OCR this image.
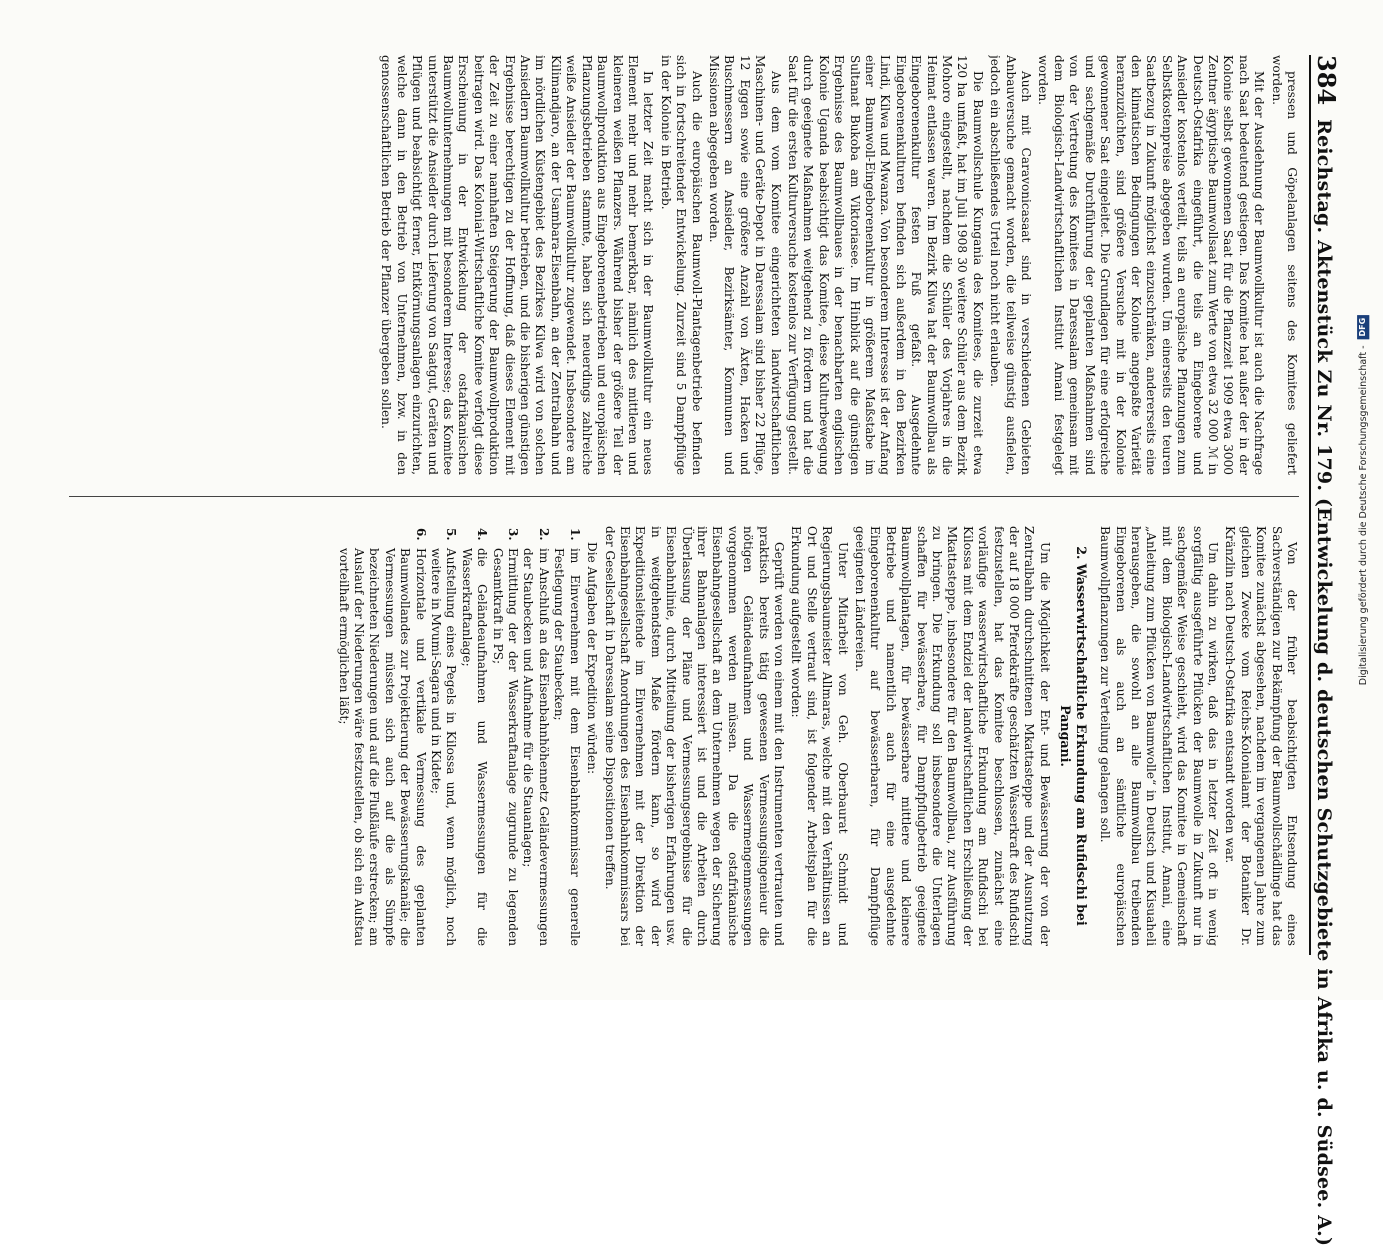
384
Reichstag. Aktenstück Zu Nr. 179. (Entwickelung d. deutschen Schutzgebiete in Afrika u. d. Südsee. A.)

pressen und Göpelanlagen seitens des Komitees geliefert worden.

Mit der Ausdehnung der Baumwollkultur ist auch die Nachfrage nach Saat bedeutend gestiegen. Das Komitee hat außer der in der Kolonie selbst gewonnenen Saat für die Pflanzzeit 1909 etwa 3000 Zentner ägyptische Baumwollsaat zum Werte von etwa 32 000 ℳ in Deutsch-Ostafrika eingeführt, die teils an Eingeborene und Ansiedler kostenlos verteilt, teils an europäische Pflanzungen zum Selbstkostenpreise abgegeben wurden. Um einerseits den teuren Saatbezug in Zukunft möglichst einzuschränken, andererseits eine den klimatischen Bedingungen der Kolonie angepaßte Varietät heranzuzüchten, sind größere Versuche mit in der Kolonie gewonnener Saat eingeleitet. Die Grundlagen für eine erfolgreiche und sachgemäße Durchführung der geplanten Maßnahmen sind von der Vertretung des Komitees in Daressalam gemeinsam mit dem Biologisch-Landwirtschaftlichen Institut Amani festgelegt worden.

Auch mit Caravonicasaat sind in verschiedenen Gebieten Anbauversuche gemacht worden, die teilweise günstig ausfielen, jedoch ein abschließendes Urteil noch nicht erlauben.

Die Baumwollschule Kungania des Komitees, die zurzeit etwa 120 ha umfaßt, hat im Juli 1908 30 weitere Schüler aus dem Bezirk Mohoro eingestellt, nachdem die Schüler des Vorjahres in die Heimat entlassen waren. Im Bezirk Kilwa hat der Baumwollbau als Eingeborenenkultur festen Fuß gefaßt. Ausgedehnte Eingeborenenkulturen befinden sich außerdem in den Bezirken Lindi, Kilwa und Mwanza. Von besonderem Interesse ist der Anfang einer Baumwoll-Eingeborenenkultur in größerem Maßstabe im Sultanat Bukoba am Viktoriasee. Im Hinblick auf die günstigen Ergebnisse des Baumwollbaues in der benachbarten englischen Kolonie Uganda beabsichtigt das Komitee, diese Kulturbewegung durch geeignete Maßnahmen weitgehend zu fördern und hat die Saat für die ersten Kulturversuche kostenlos zur Verfügung gestellt.

Aus dem vom Komitee eingerichteten landwirtschaftlichen Maschinen- und Geräte-Depot in Daressalam sind bisher 22 Pflüge, 12 Eggen sowie eine größere Anzahl von Äxten, Hacken und Buschmessern an Ansiedler, Bezirksämter, Kommunen und Missionen abgegeben worden.

Auch die europäischen Baumwoll-Plantagenbetriebe befinden sich in fortschreitender Entwickelung. Zurzeit sind 5 Dampfpflüge in der Kolonie in Betrieb.

In letzter Zeit macht sich in der Baumwollkultur ein neues Element mehr und mehr bemerkbar, nämlich des mittleren und kleineren weißen Pflanzers. Während bisher der größere Teil der Baumwollproduktion aus Eingeborenenbetrieben und europäischen Pflanzungsbetrieben stammte, haben sich neuerdings zahlreiche weiße Ansiedler der Baumwollkultur zugewendet. Insbesondere am Kilimandjaro, an der Usambara-Eisenbahn, an der Zentralbahn und im nördlichen Küstengebiet des Bezirkes Kilwa wird von solchen Ansiedlern Baumwollkultur betrieben, und die bisherigen günstigen Ergebnisse berechtigen zu der Hoffnung, daß dieses Element mit der Zeit zu einer namhaften Steigerung der Baumwollproduktion beitragen wird. Das Kolonial-Wirtschaftliche Komitee verfolgt diese Erscheinung in der Entwickelung der ostafrikanischen Baumwollunternehmungen mit besonderem Interesse; das Komitee unterstützt die Ansiedler durch Lieferung von Saatgut, Geräten und Pflügen und beabsichtigt ferner, Entkörnungsanlagen einzurichten, welche dann in den Betrieb von Unternehmen, bzw. in den genossenschaftlichen Betrieb der Pflanzer übergeben sollen.

Von der früher beabsichtigten Entsendung eines Sachverständigen zur Bekämpfung der Baumwollschädlinge hat das Komitee zunächst abgesehen, nachdem im vergangenen Jahre zum gleichen Zwecke vom Reichs-Kolonialamt der Botaniker Dr. Kränzlin nach Deutsch-Ostafrika entsandt worden war.

Um dahin zu wirken, daß das in letzter Zeit oft in wenig sorgfältig ausgeführte Pflücken der Baumwolle in Zukunft nur in sachgemäßer Weise geschieht, wird das Komitee in Gemeinschaft mit dem Biologisch-Landwirtschaftlichen Institut, Amani, eine „Anleitung zum Pflücken von Baumwolle“ in Deutsch und Kisuaheli herausgeben, die sowohl an alle Baumwollbau treibenden Eingeborenen als auch an sämtliche europäischen Baumwollpflanzungen zur Verteilung gelangen soll.

2. Wasserwirtschaftliche Erkundung am Rufidschi bei Pangani.

Um die Möglichkeit der Ent- und Bewässerung der von der Zentralbahn durchschnittenen Mkattasteppe und der Ausnutzung der auf 18 000 Pferdekräfte geschätzten Wasserkraft des Rufidschi festzustellen, hat das Komitee beschlossen, zunächst eine vorläufige wasserwirtschaftliche Erkundung am Rufidschi bei Kilossa mit dem Endziel der landwirtschaftlichen Erschließung der Mkattasteppe, insbesondere für den Baumwollbau, zur Ausführung zu bringen. Die Erkundung soll insbesondere die Unterlagen schaffen für bewässerbare, für Dampfpflugbetrieb geeignete Baumwollplantagen, für bewässerbare mittlere und kleinere Betriebe und namentlich auch für eine ausgedehnte Eingeborenenkultur auf bewässerbaren, für Dampfpflüge geeigneten Ländereien.

Unter Mitarbeit von Geh. Oberbaurat Schmidt und Regierungsbaumeister Allmaras, welche mit den Verhältnissen an Ort und Stelle vertraut sind, ist folgender Arbeitsplan für die Erkundung aufgestellt worden:

Geprüft werden von einem mit den Instrumenten vertrauten und praktisch bereits tätig gewesenen Vermessungsingenieur die nötigen Geländeaufnahmen und Wassermengenmessungen vorgenommen werden müssen. Da die ostafrikanische Eisenbahngesellschaft an dem Unternehmen wegen der Sicherung ihrer Bahnanlagen interessiert ist und die Arbeiten durch Überlassung der Pläne und Vermessungsergebnisse für die Eisenbahnlinie, durch Mitteilung der bisherigen Erfahrungen usw. in weitgehendstem Maße fördern kann, so wird der Expeditionsleitende im Einvernehmen mit der Direktion der Eisenbahngesellschaft Anordnungen des Eisenbahnkommissars bei der Gesellschaft in Daressalam seine Dispositionen treffen.

Die Aufgaben der Expedition würden:

1.
im Einvernehmen mit dem Eisenbahnkommissar generelle Festlegung der Staubecken;
2.
im Anschluß an das Eisenbahnhöhennetz Geländevermessungen der Staubecken und Aufnahme für die Stauanlagen;
3.
Ermittlung der der Wasserkraftanlage zugrunde zu legenden Gesamtkraft in PS;
4.
die Geländeaufnahmen und Wassermessungen für die Wasserkraftanlage;
5.
Aufstellung eines Pegels in Kilossa und, wenn möglich, noch weitere in Mvumi-Sagara und in Kidete;
6.
Horizontale und vertikale Vermessung des geplanten Baumwollandes zur Projektierung der Bewässerungskanäle; die Vermessungen müssten sich auch auf die als Sümpfe bezeichneten Niederungen und auf die Flußläufe erstrecken; am Auslauf der Niederungen wäre festzustellen, ob sich ein Aufstau vorteilhaft ermöglichen läßt;	Digitalisierung gefördert durch die Deutsche Forschungsgemeinschaft -
DFG
